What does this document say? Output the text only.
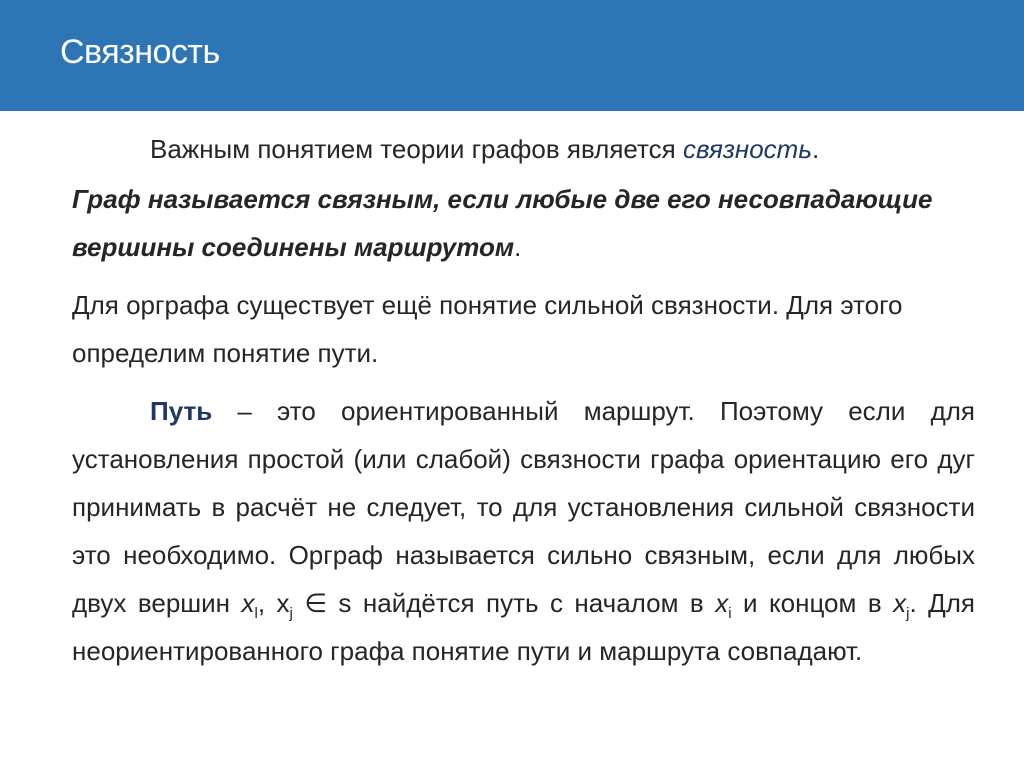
Связность

Важным понятием теории графов является связность.

Граф называется связным, если любые две его несовпадающие вершины соединены маршрутом.

Для орграфа существует ещё понятие сильной связности. Для этого определим понятие пути.

Путь – это ориентированный маршрут. Поэтому если для установления простой (или слабой) связности графа ориентацию его дуг принимать в расчёт не следует, то для установления сильной связности это необходимо. Орграф называется сильно связным, если для любых двух вершин $x_l$, $x_j$ ∈ s найдётся путь с началом в $x_i$ и концом в $x_j$. Для неориентированного графа понятие пути и маршрута совпадают.
